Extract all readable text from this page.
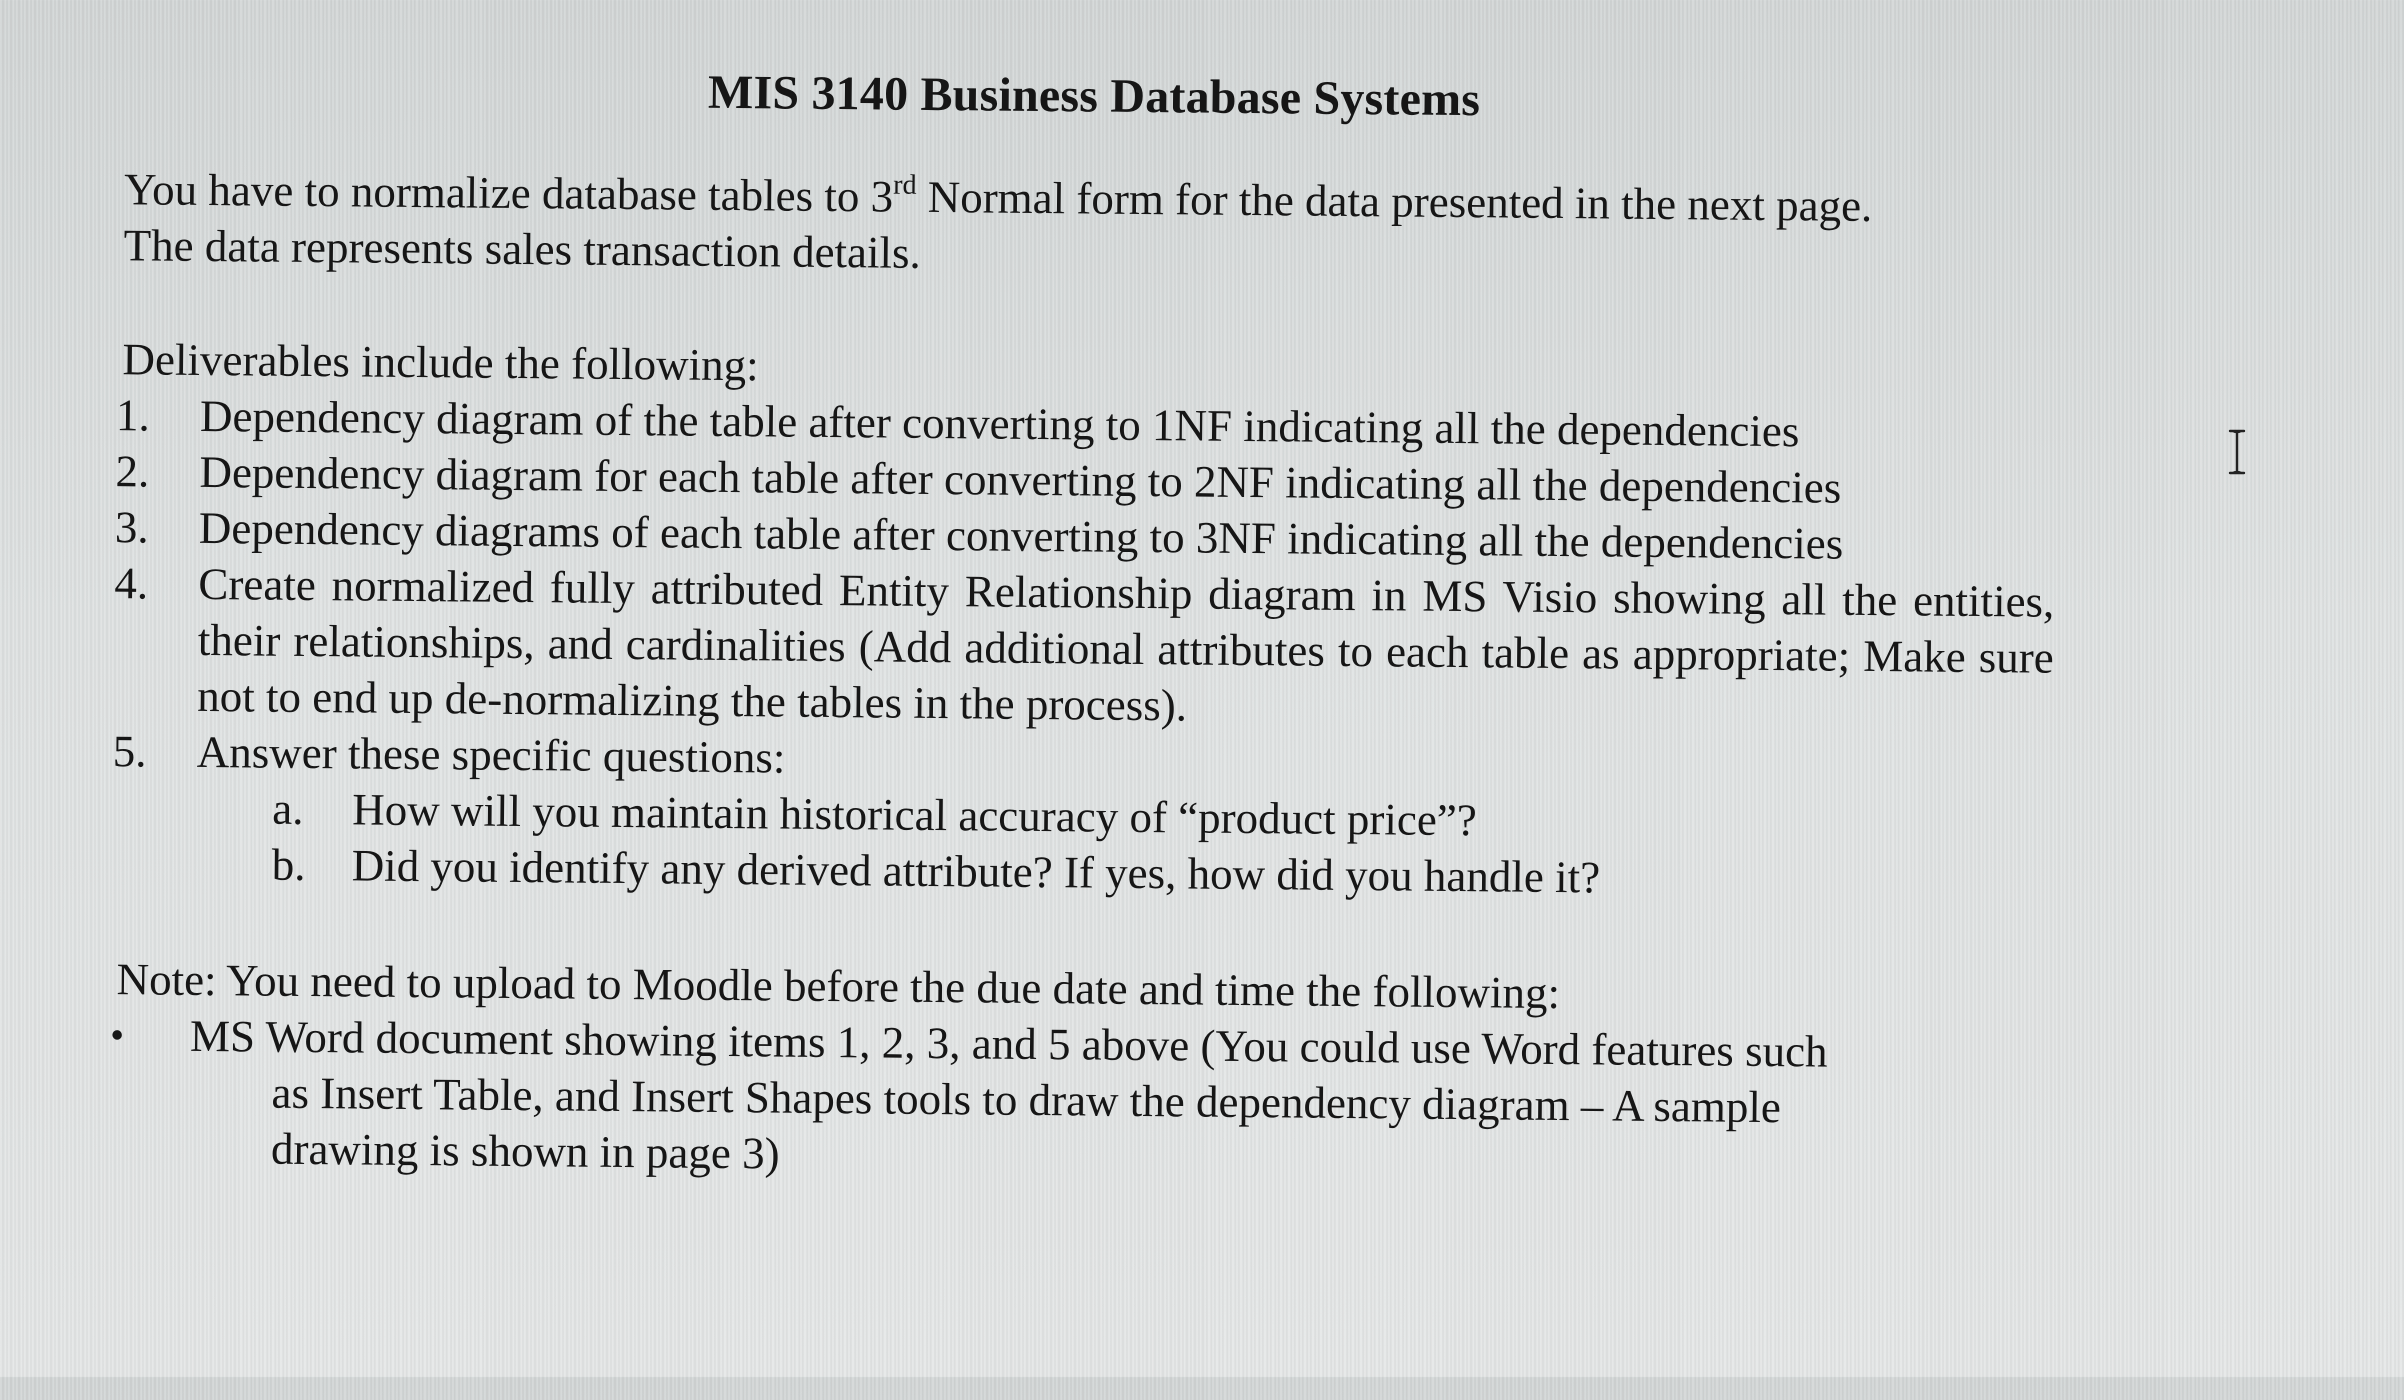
MIS 3140 Business Database Systems
You have to normalize database tables to 3rd Normal form for the data presented in the next page.
The data represents sales transaction details.
Deliverables include the following:
1.	Dependency diagram of the table after converting to 1NF indicating all the dependencies
2.	Dependency diagram for each table after converting to 2NF indicating all the dependencies
3.	Dependency diagrams of each table after converting to 3NF indicating all the dependencies
4.	Create normalized fully attributed Entity Relationship diagram in MS Visio showing all the entities, their relationships, and cardinalities (Add additional attributes to each table as appropriate; Make sure not to end up de-normalizing the tables in the process).
5.	Answer these specific questions:
a.	How will you maintain historical accuracy of “product price”?
b.	Did you identify any derived attribute? If yes, how did you handle it?
Note: You need to upload to Moodle before the due date and time the following:
•	MS Word document showing items 1, 2, 3, and 5 above (You could use Word features such

as Insert Table, and Insert Shapes tools to draw the dependency diagram – A sample
drawing is shown in page 3)
